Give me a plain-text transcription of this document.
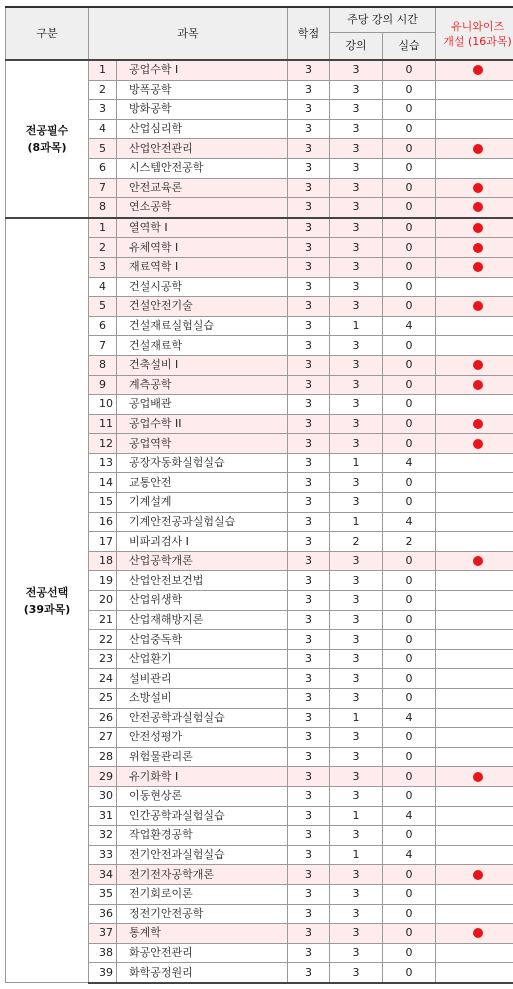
구분	과목		학점	주당 강의 시간		유니와이즈
개설 (16과목)
				강의	실습	
전공필수
(8과목)	1	공업수학 I	3	3	0	
	2	방폭공학	3	3	0	
	3	방화공학	3	3	0	
	4	산업심리학	3	3	0	
	5	산업안전관리	3	3	0	
	6	시스템안전공학	3	3	0	
	7	안전교육론	3	3	0	
	8	연소공학	3	3	0	
전공선택
(39과목)	1	열역학 I	3	3	0	
	2	유체역학 I	3	3	0	
	3	재료역학 I	3	3	0	
	4	건설시공학	3	3	0	
	5	건설안전기술	3	3	0	
	6	건설재료실험실습	3	1	4	
	7	건설재료학	3	3	0	
	8	건축설비 I	3	3	0	
	9	계측공학	3	3	0	
	10	공업배관	3	3	0	
	11	공업수학 II	3	3	0	
	12	공업역학	3	3	0	
	13	공장자동화실험실습	3	1	4	
	14	교통안전	3	3	0	
	15	기계설계	3	3	0	
	16	기계안전공과실험실습	3	1	4	
	17	비파괴검사 I	3	2	2	
	18	산업공학개론	3	3	0	
	19	산업안전보건법	3	3	0	
	20	산업위생학	3	3	0	
	21	산업재해방지론	3	3	0	
	22	산업중독학	3	3	0	
	23	산업환기	3	3	0	
	24	설비관리	3	3	0	
	25	소방설비	3	3	0	
	26	안전공학과실험실습	3	1	4	
	27	안전성평가	3	3	0	
	28	위험물관리론	3	3	0	
	29	유기화학 I	3	3	0	
	30	이동현상론	3	3	0	
	31	인간공학과실험실습	3	1	4	
	32	작업환경공학	3	3	0	
	33	전기안전과실험실습	3	1	4	
	34	전기전자공학개론	3	3	0	
	35	전기회로이론	3	3	0	
	36	정전기안전공학	3	3	0	
	37	통계학	3	3	0	
	38	화공안전관리	3	3	0	
	39	화학공정원리	3	3	0	
